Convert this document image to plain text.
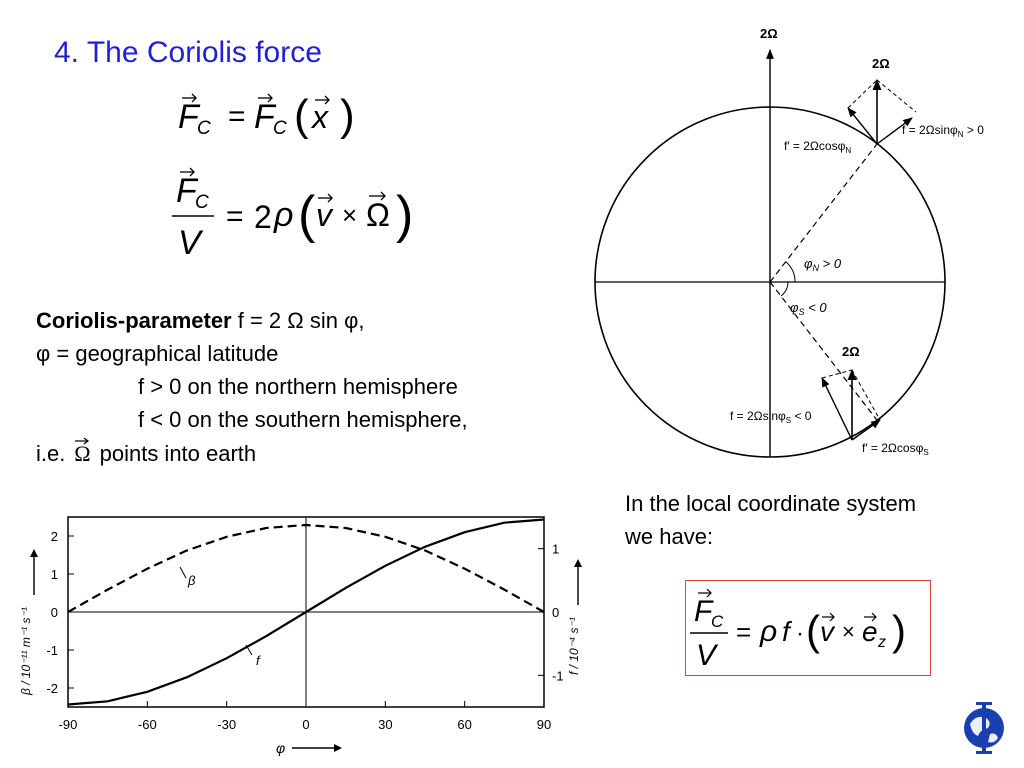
4. The Coriolis force
F
C = F
C ( x )
F
C
V
= 2 ρ ( v × Ω )
Coriolis-parameter f = 2 Ω sin φ,
φ = geographical latitude
f > 0 on the northern hemisphere
f < 0 on the southern hemisphere,
i.e. Ω points into earth
2Ω
$\varphi_N > 0$
$\varphi_S < 0$
2Ω
f = 2Ωsinφ$_N$ > 0
f′ = 2Ωcosφ$_N$
2Ω
f = 2Ωsinφ$_S$ < 0
f′ = 2Ωcosφ$_S$
In the local coordinate system
we have:
F
C
V
= ρ f · ( v × e z )
-90	-60	-30	0	30	60	90
-2
-1
0
1
2
-1
0
1
β
f
φ
β / 10⁻¹¹ m⁻¹ s⁻¹	f / 10⁻⁴ s⁻¹
